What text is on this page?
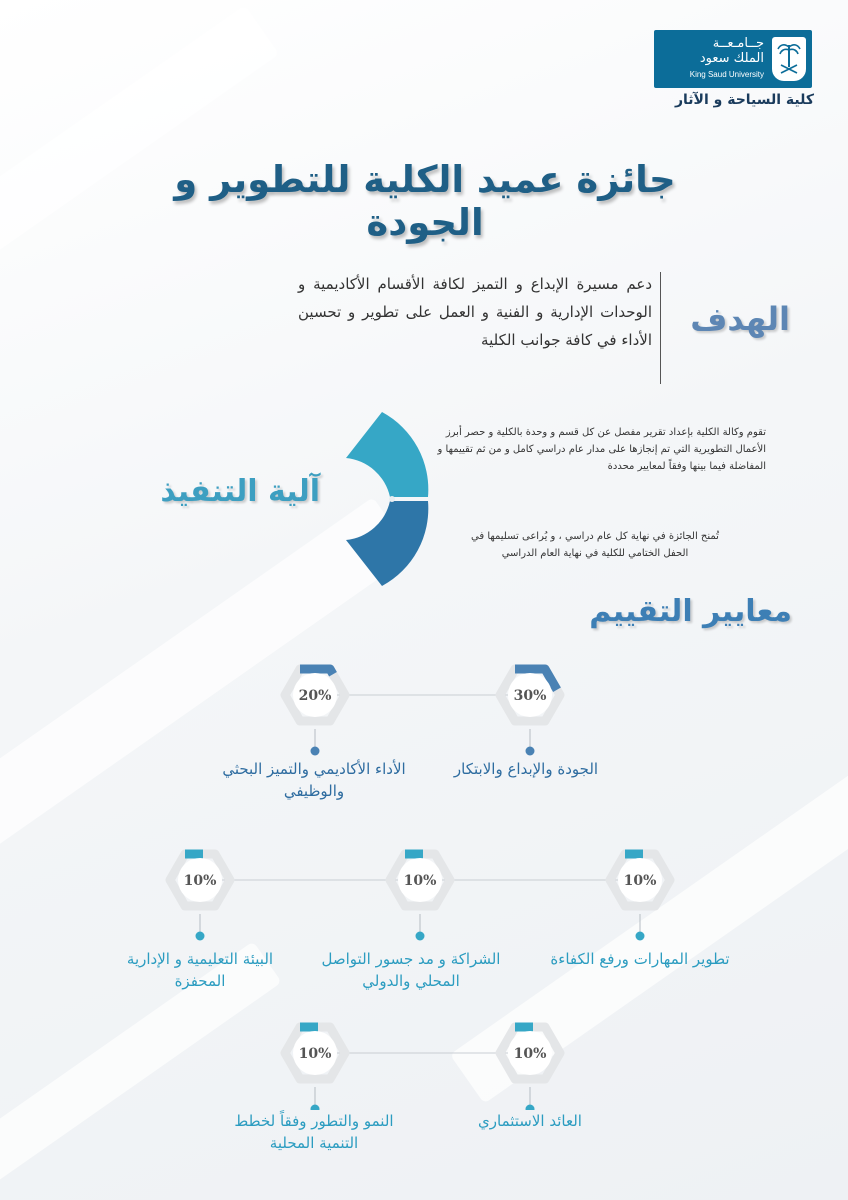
جــامـعــة
الملك سعود
King Saud University
كلية السياحة و الآثار
جائزة عميد الكلية للتطوير و الجودة
الهدف
دعم مسيرة الإبداع و التميز لكافة الأقسام الأكاديمية و الوحدات الإدارية و الفنية و العمل على تطوير و تحسين الأداء في كافة جوانب الكلية
آلية التنفيذ
تقوم وكالة الكلية بإعداد تقرير مفصل عن كل قسم و وحدة بالكلية و حصر أبرز الأعمال التطويرية التي تم إنجازها على مدار عام دراسي كامل و من ثم تقييمها و المفاضلة فيما بينها وفقاً لمعايير محددة
تُمنح الجائزة في نهاية كل عام دراسي ، و يُراعى تسليمها في الحفل الختامي للكلية في نهاية العام الدراسي
معايير التقييم
30%
20%
10%
10%
10%
10%
10%
الجودة والإبداع والابتكار
الأداء الأكاديمي والتميز البحثي والوظيفي
تطوير المهارات ورفع الكفاءة
الشراكة و مد جسور التواصل المحلي والدولي
البيئة التعليمية و الإدارية المحفزة
العائد الاستثماري
النمو والتطور وفقاً لخطط التنمية المحلية
